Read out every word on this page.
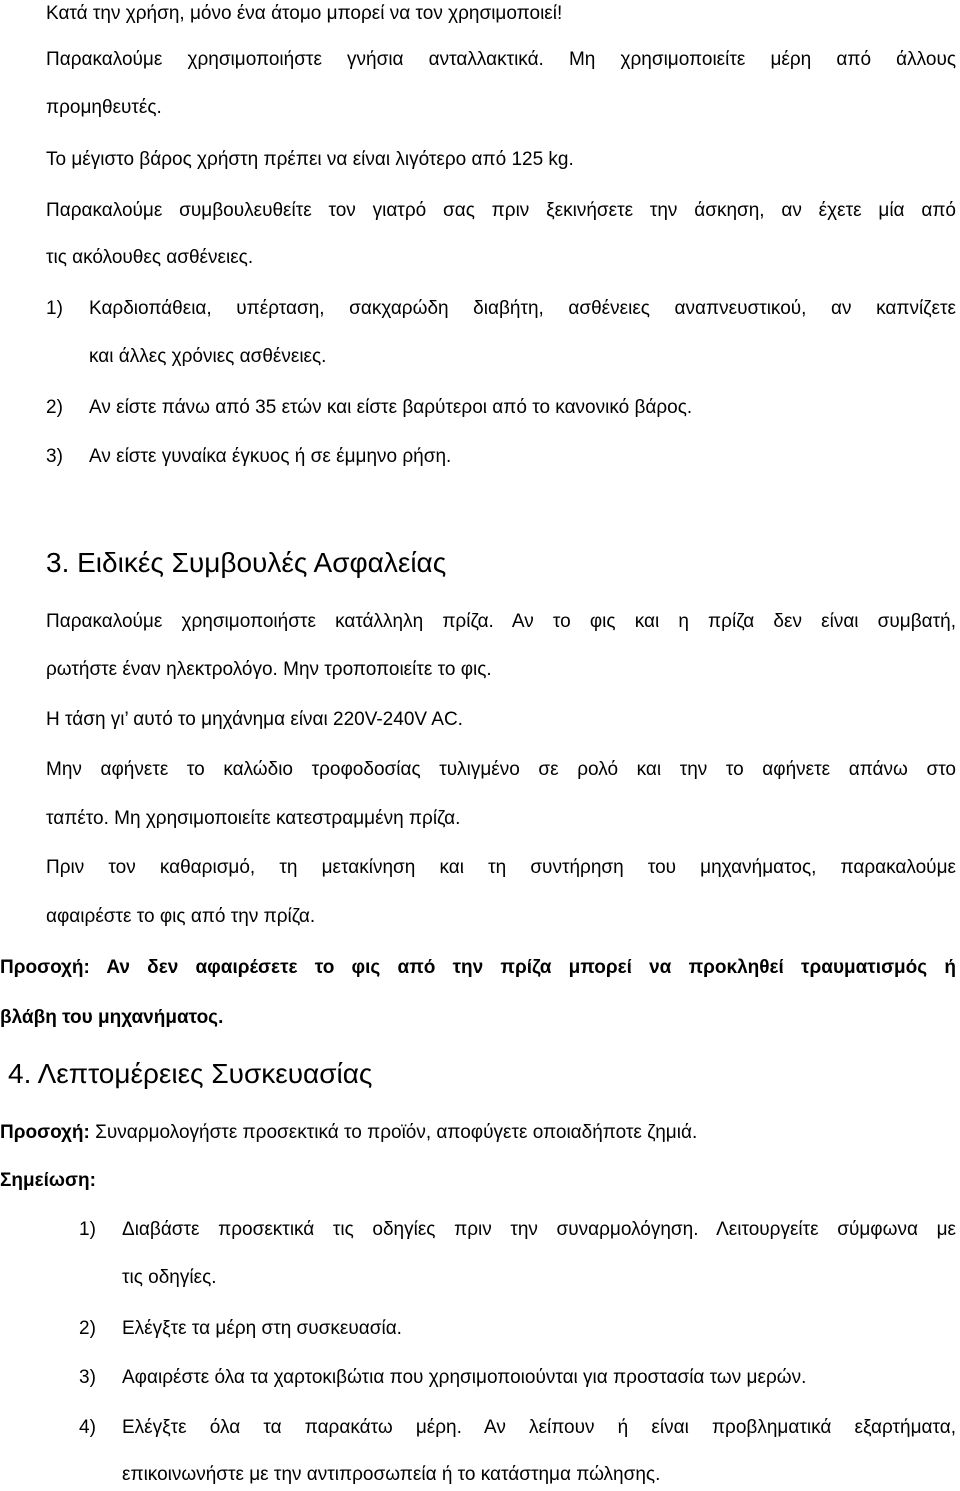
Κατά την χρήση, μόνο ένα άτομο μπορεί να τον χρησιμοποιεί!

Παρακαλούμε χρησιμοποιήστε γνήσια ανταλλακτικά. Μη χρησιμοποιείτε μέρη από άλλους

προμηθευτές.

Το μέγιστο βάρος χρήστη πρέπει να είναι λιγότερο από 125 kg.

Παρακαλούμε συμβουλευθείτε τον γιατρό σας πριν ξεκινήσετε την άσκηση, αν έχετε μία από

τις ακόλουθες ασθένειες.

1) Καρδιοπάθεια, υπέρταση, σακχαρώδη διαβήτη, ασθένειες αναπνευστικού, αν καπνίζετε

και άλλες χρόνιες ασθένειες.

2) Αν είστε πάνω από 35 ετών και είστε βαρύτεροι από το κανονικό βάρος.

3) Αν είστε γυναίκα έγκυος ή σε έμμηνο ρήση.

3. Ειδικές Συμβουλές Ασφαλείας

Παρακαλούμε χρησιμοποιήστε κατάλληλη πρίζα. Αν το φις και η πρίζα δεν είναι συμβατή,

ρωτήστε έναν ηλεκτρολόγο. Μην τροποποιείτε το φις.

Η τάση γι’ αυτό το μηχάνημα είναι 220V-240V AC.

Μην αφήνετε το καλώδιο τροφοδοσίας τυλιγμένο σε ρολό και την το αφήνετε απάνω στο

ταπέτο. Μη χρησιμοποιείτε κατεστραμμένη πρίζα.

Πριν τον καθαρισμό, τη μετακίνηση και τη συντήρηση του μηχανήματος, παρακαλούμε

αφαιρέστε το φις από την πρίζα.

Προσοχή: Αν δεν αφαιρέσετε το φις από την πρίζα μπορεί να προκληθεί τραυματισμός ή

βλάβη του μηχανήματος.

4. Λεπτομέρειες Συσκευασίας

Προσοχή: Συναρμολογήστε προσεκτικά το προϊόν, αποφύγετε οποιαδήποτε ζημιά.

Σημείωση:

1) Διαβάστε προσεκτικά τις οδηγίες πριν την συναρμολόγηση. Λειτουργείτε σύμφωνα με

τις οδηγίες.

2) Ελέγξτε τα μέρη στη συσκευασία.

3) Αφαιρέστε όλα τα χαρτοκιβώτια που χρησιμοποιούνται για προστασία των μερών.

4) Ελέγξτε όλα τα παρακάτω μέρη. Αν λείπουν ή είναι προβληματικά εξαρτήματα,

επικοινωνήστε με την αντιπροσωπεία ή το κατάστημα πώλησης.
